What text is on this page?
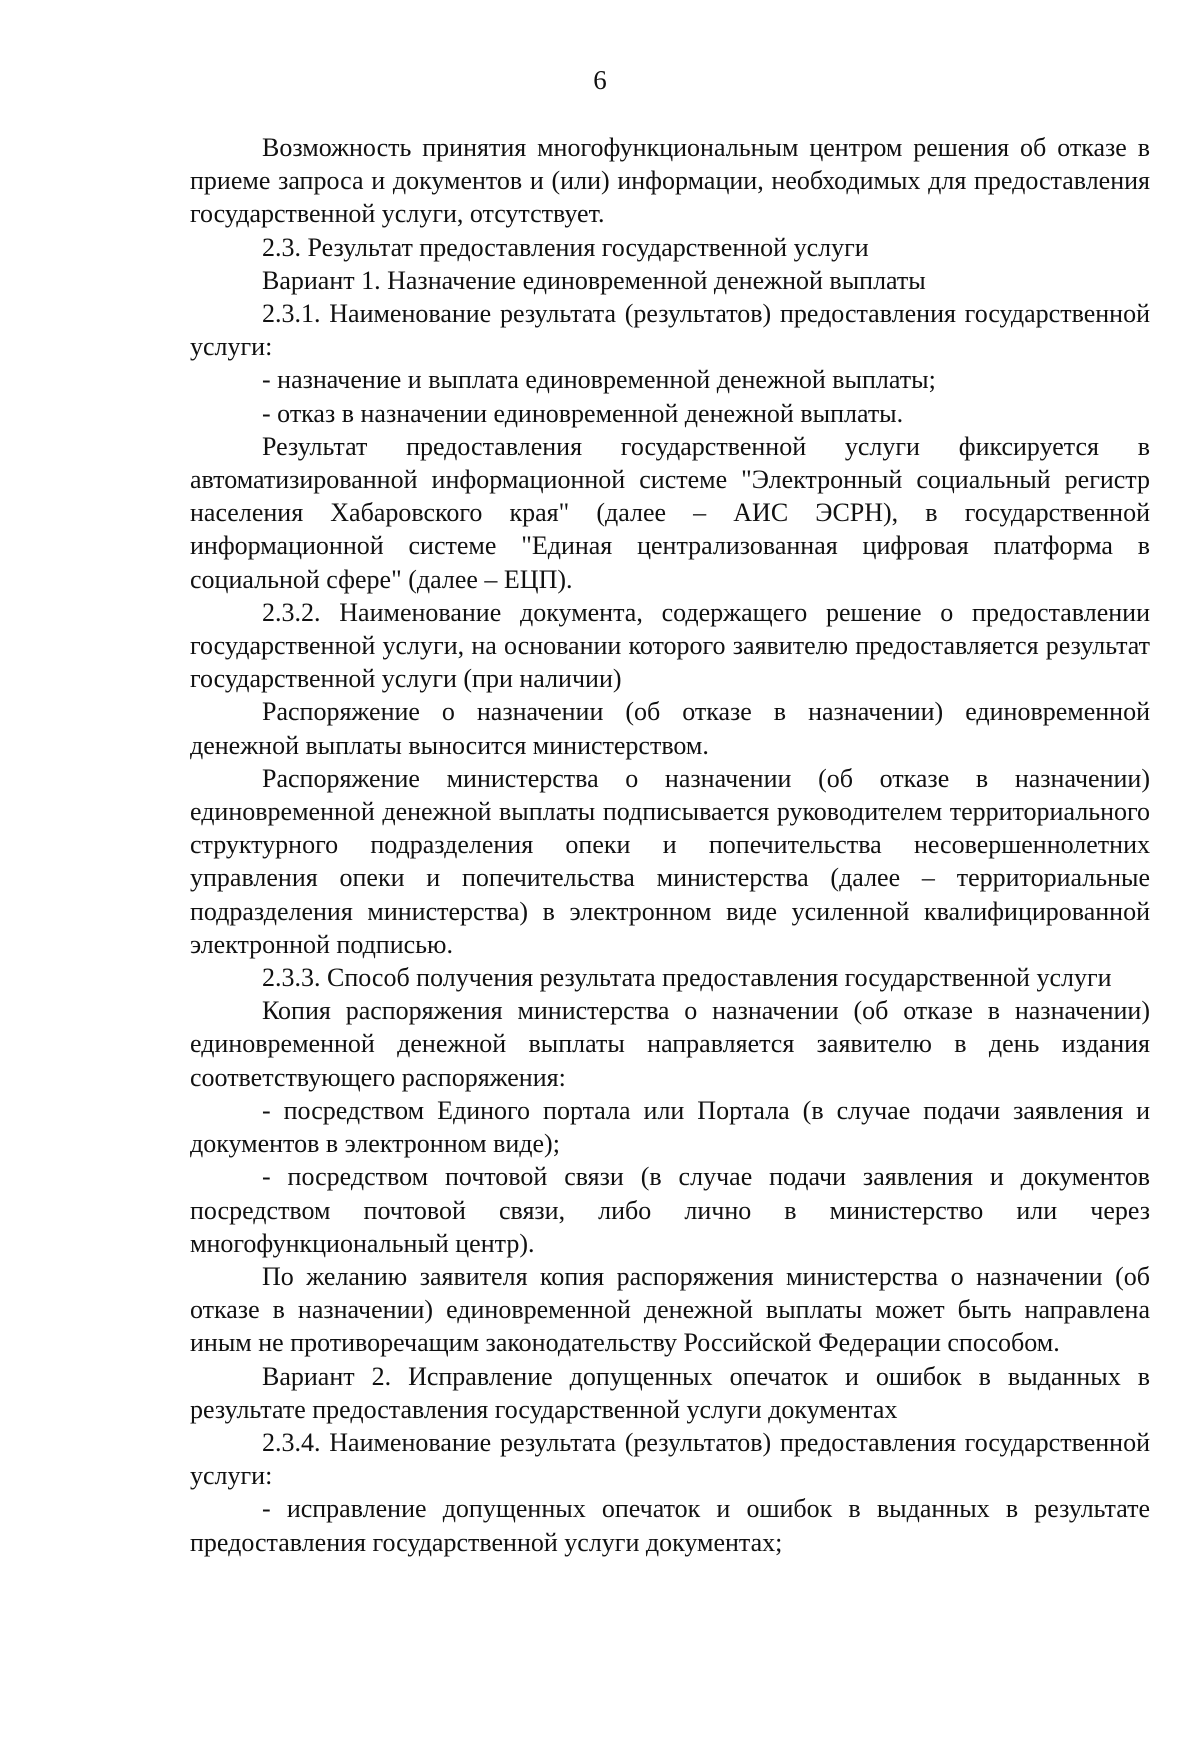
6

Возможность принятия многофункциональным центром решения об отказе в приеме запроса и документов и (или) информации, необходимых для предоставления государственной услуги, отсутствует.

2.3. Результат предоставления государственной услуги

Вариант 1. Назначение единовременной денежной выплаты

2.3.1. Наименование результата (результатов) предоставления государственной услуги:

- назначение и выплата единовременной денежной выплаты;

- отказ в назначении единовременной денежной выплаты.

Результат предоставления государственной услуги фиксируется в автоматизированной информационной системе "Электронный социальный регистр населения Хабаровского края" (далее – АИС ЭСРН), в государственной информационной системе "Единая централизованная цифровая платформа в социальной сфере" (далее – ЕЦП).

2.3.2. Наименование документа, содержащего решение о предоставлении государственной услуги, на основании которого заявителю предоставляется результат государственной услуги (при наличии)

Распоряжение о назначении (об отказе в назначении) единовременной денежной выплаты выносится министерством.

Распоряжение министерства о назначении (об отказе в назначении) единовременной денежной выплаты подписывается руководителем территориального структурного подразделения опеки и попечительства несовершеннолетних управления опеки и попечительства министерства (далее – территориальные подразделения министерства) в электронном виде усиленной квалифицированной электронной подписью.

2.3.3. Способ получения результата предоставления государственной услуги

Копия распоряжения министерства о назначении (об отказе в назначении) единовременной денежной выплаты направляется заявителю в день издания соответствующего распоряжения:

- посредством Единого портала или Портала (в случае подачи заявления и документов в электронном виде);

- посредством почтовой связи (в случае подачи заявления и документов посредством почтовой связи, либо лично в министерство или через многофункциональный центр).

По желанию заявителя копия распоряжения министерства о назначении (об отказе в назначении) единовременной денежной выплаты может быть направлена иным не противоречащим законодательству Российской Федерации способом.

Вариант 2. Исправление допущенных опечаток и ошибок в выданных в результате предоставления государственной услуги документах

2.3.4. Наименование результата (результатов) предоставления государственной услуги:

- исправление допущенных опечаток и ошибок в выданных в результате предоставления государственной услуги документах;
